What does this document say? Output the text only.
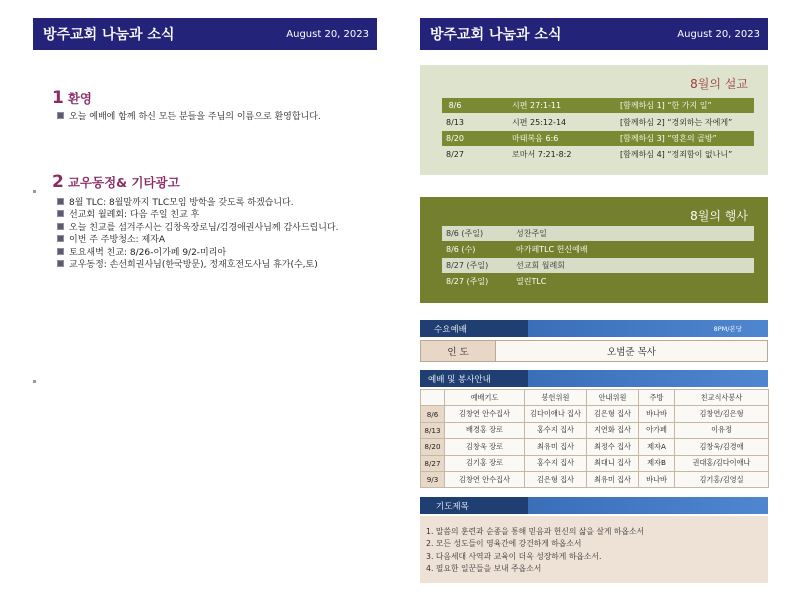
방주교회 나눔과 소식	August 20, 2023
1 환영
오늘 예배에 함께 하신 모든 분들을 주님의 이름으로 환영합니다.
2 교우동정& 기타광고
8월 TLC: 8월말까지 TLC모임 방학을 갖도록 하겠습니다.
선교회 월례회: 다음 주일 친교 후
오늘 친교를 섬겨주시는 김창욱장로님/김경애권사님께 감사드립니다.
이번 주 주방청소: 제자A
토요새벽 친교: 8/26-이가페 9/2-미리아
교우동정: 손선희권사님(한국방문), 정재호전도사님 휴가(수,토)
방주교회 나눔과 소식	August 20, 2023
8월의 설교
8/6	시편 27:1-11	[함께하심 1] “한 가지 일”
8/13	시편 25:12-14	[함께하심 2] “경외하는 자에게”
8/20	마태복음 6:6	[함께하심 3] “영혼의 골방”
8/27	로마서 7:21-8:2	[함께하심 4] “정죄함이 없나니”
8월의 행사
8/6 (주일)	성찬주일
8/6 (수)	아가페TLC 헌신예배
8/27 (주일)	선교회 월례회
8/27 (주일)	열린TLC
수요예배	8PM/본당
인 도	오범준 목사
예배 및 봉사안내
	예배기도	봉헌위원	안내위원	주방	친교식사봉사
8/6	김창연 안수집사	김다이애나 집사	김은형 집사	바나바	김창연/김은형
8/13	배경홍 장로	홍수지 집사	지연화 집사	아가페	이유정
8/20	김창욱 장로	최유미 집사	최정수 집사	제자A	김창욱/김경애
8/27	김기홍 장로	홍수지 집사	최대니 집사	제자B	권대홍/김다이애나
9/3	김창연 안수집사	김은형 집사	최유미 집사	바나바	김기홍/김영실
기도제목
1. 말씀의 훈련과 순종을 통해 믿음과 헌신의 삶을 살게 하옵소서
2. 모든 성도들이 영육간에 강건하게 하옵소서
3. 다음세대 사역과 교육이 더욱 성장하게 하옵소서.
4. 필요한 일꾼들을 보내 주옵소서
